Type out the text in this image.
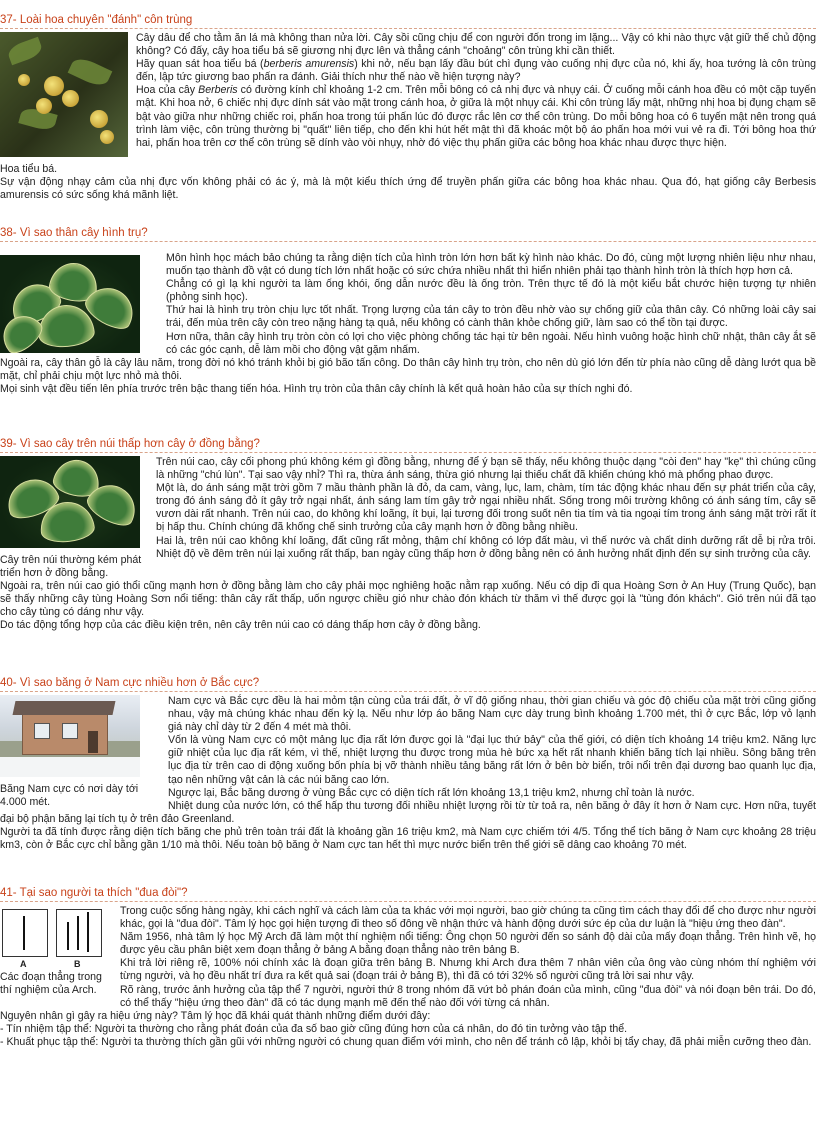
37- Loài hoa chuyên "đánh" côn trùng
Hoa tiểu bá.

Cây dâu để cho tằm ăn lá mà không than nửa lời. Cây sồi cũng chịu để con người đốn trong im lặng... Vậy có khi nào thực vật giữ thế chủ động không? Có đấy, cây hoa tiểu bá sẽ giương nhị đực lên và thẳng cánh "choảng" côn trùng khi cần thiết.

Hãy quan sát hoa tiểu bá (berberis amurensis) khi nở, nếu bạn lấy đầu bút chì đụng vào cuống nhị đực của nó, khi ấy, hoa tướng là côn trùng đến, lập tức giương bao phấn ra đánh. Giải thích như thế nào về hiện tượng này?

Hoa của cây Berberis có đường kính chỉ khoảng 1-2 cm. Trên mỗi bông có cả nhị đực và nhụy cái. Ở cuống mỗi cánh hoa đều có một cặp tuyến mật. Khi hoa nở, 6 chiếc nhị đực dính sát vào mặt trong cánh hoa, ở giữa là một nhụy cái. Khi côn trùng lấy mật, những nhị hoa bị đụng chạm sẽ bật vào giữa như những chiếc roi, phấn hoa trong túi phấn lúc đó được rắc lên cơ thể côn trùng. Do mỗi bông hoa có 6 tuyến mật nên trong quá trình làm việc, côn trùng thường bị "quất" liên tiếp, cho đến khi hút hết mật thì đã khoác một bộ áo phấn hoa mới vui vẻ ra đi. Tới bông hoa thứ hai, phấn hoa trên cơ thể côn trùng sẽ dính vào vòi nhụy, nhờ đó việc thụ phấn giữa các bông hoa khác nhau được thực hiện.

Sự vận động nhạy cảm của nhị đực vốn không phải có ác ý, mà là một kiểu thích ứng để truyền phấn giữa các bông hoa khác nhau. Qua đó, hạt giống cây Berbesis amurensis có sức sống khá mãnh liệt.

38- Vì sao thân cây hình trụ?

Môn hình học mách bảo chúng ta rằng diện tích của hình tròn lớn hơn bất kỳ hình nào khác. Do đó, cùng một lượng nhiên liệu như nhau, muốn tạo thành đồ vật có dung tích lớn nhất hoặc có sức chứa nhiều nhất thì hiển nhiên phải tạo thành hình tròn là thích hợp hơn cả.

Chẳng có gì lạ khi người ta làm ống khói, ống dẫn nước đều là ống tròn. Trên thực tế đó là một kiểu bắt chước hiện tượng tự nhiên (phỏng sinh học).

Thứ hai là hình trụ tròn chịu lực tốt nhất. Trọng lượng của tán cây to tròn đều nhờ vào sự chống giữ của thân cây. Có những loài cây sai trái, đến mùa trên cây còn treo nặng hàng tạ quả, nếu không có cành thân khỏe chống giữ, làm sao có thể tồn tại được.

Hơn nữa, thân cây hình trụ tròn còn có lợi cho việc phòng chống tác hại từ bên ngoài. Nếu hình vuông hoặc hình chữ nhật, thân cây ắt sẽ có các góc cạnh, dễ làm mồi cho động vật gặm nhấm.

Ngoài ra, cây thân gỗ là cây lâu năm, trong đời nó khó tránh khỏi bị gió bão tấn công. Do thân cây hình trụ tròn, cho nên dù gió lớn đến từ phía nào cũng dễ dàng lướt qua bề mặt, chỉ phải chịu một lực nhỏ mà thôi.

Mọi sinh vật đều tiến lên phía trước trên bậc thang tiến hóa. Hình trụ tròn của thân cây chính là kết quả hoàn hảo của sự thích nghi đó.

39- Vì sao cây trên núi thấp hơn cây ở đồng bằng?
Cây trên núi thường kém phát triển hơn ở đồng bằng.

Trên núi cao, cây cối phong phú không kém gì đồng bằng, nhưng để ý bạn sẽ thấy, nếu không thuộc dạng "còi đen" hay "kẹ" thì chúng cũng là những "chú lùn". Tại sao vậy nhỉ? Thì ra, thừa ánh sáng, thừa gió nhưng lại thiếu chất đã khiến chúng khó mà phổng phao được.

Một là, do ánh sáng mặt trời gồm 7 mầu thành phần là đỏ, da cam, vàng, lục, lam, chàm, tím tác động khác nhau đến sự phát triển của cây, trong đó ánh sáng đỏ ít gây trở ngại nhất, ánh sáng lam tím gây trở ngại nhiều nhất. Sống trong môi trường không có ánh sáng tím, cây sẽ vươn dài rất nhanh. Trên núi cao, do không khí loãng, ít bụi, lại tương đối trong suốt nên tia tím và tia ngoại tím trong ánh sáng mặt trời rất ít bị hấp thu. Chính chúng đã khống chế sinh trưởng của cây mạnh hơn ở đồng bằng nhiều.

Hai là, trên núi cao không khí loãng, đất cũng rất mỏng, thậm chí không có lớp đất màu, vì thế nước và chất dinh dưỡng rất dễ bị rửa trôi. Nhiệt độ về đêm trên núi lại xuống rất thấp, ban ngày cũng thấp hơn ở đồng bằng nên có ảnh hưởng nhất định đến sự sinh trưởng của cây.

Ngoài ra, trên núi cao gió thổi cũng mạnh hơn ở đồng bằng làm cho cây phải mọc nghiêng hoặc nằm rạp xuống. Nếu có dịp đi qua Hoàng Sơn ở An Huy (Trung Quốc), bạn sẽ thấy những cây tùng Hoàng Sơn nổi tiếng: thân cây rất thấp, uốn ngược chiều gió như chào đón khách từ thăm vì thế được gọi là "tùng đón khách". Gió trên núi đã tạo cho cây tùng có dáng như vậy.

Do tác động tổng hợp của các điều kiện trên, nên cây trên núi cao có dáng thấp hơn cây ở đồng bằng.

40- Vì sao băng ở Nam cực nhiều hơn ở Bắc cực?
Băng Nam cực có nơi dày tới 4.000 mét.

Nam cực và Bắc cực đều là hai mỏm tận cùng của trái đất, ở vĩ độ giống nhau, thời gian chiếu và góc độ chiếu của mặt trời cũng giống nhau, vậy mà chúng khác nhau đến kỳ lạ. Nếu như lớp áo băng Nam cực dày trung bình khoảng 1.700 mét, thì ở cực Bắc, lớp vỏ lạnh giá này chỉ dày từ 2 đến 4 mét mà thôi.

Vốn là vùng Nam cực có một mảng lục địa rất lớn được gọi là "đại lục thứ bảy" của thế giới, có diện tích khoảng 14 triệu km2. Năng lực giữ nhiệt của lục địa rất kém, vì thế, nhiệt lượng thu được trong mùa hè bức xạ hết rất nhanh khiến băng tích lại nhiều. Sông băng trên lục địa từ trên cao di động xuống bốn phía bị vỡ thành nhiều tảng băng rất lớn ở bên bờ biển, trôi nổi trên đại dương bao quanh lục địa, tạo nên những vật cản là các núi băng cao lớn.

Ngược lại, Bắc băng dương ở vùng Bắc cực có diện tích rất lớn khoảng 13,1 triệu km2, nhưng chỉ toàn là nước.

Nhiệt dung của nước lớn, có thể hấp thu tương đối nhiều nhiệt lượng rồi từ từ toả ra, nên băng ở đây ít hơn ở Nam cực. Hơn nữa, tuyết đại bộ phận băng lại tích tụ ở trên đảo Greenland.

Người ta đã tính được rằng diện tích băng che phủ trên toàn trái đất là khoảng gần 16 triệu km2, mà Nam cực chiếm tới 4/5. Tổng thể tích băng ở Nam cực khoảng 28 triệu km3, còn ở Bắc cực chỉ bằng gần 1/10 mà thôi. Nếu toàn bộ băng ở Nam cực tan hết thì mực nước biển trên thế giới sẽ dâng cao khoảng 70 mét.

41- Tại sao người ta thích "đua đòi"?
A	B
Các đoạn thẳng trong thí nghiệm của Arch.

Trong cuộc sống hàng ngày, khi cách nghĩ và cách làm của ta khác với mọi người, bao giờ chúng ta cũng tìm cách thay đổi để cho được như người khác, gọi là "đua đòi". Tâm lý học gọi hiện tượng đi theo số đông về nhận thức và hành động dưới sức ép của dư luận là "hiệu ứng theo đàn".

Năm 1956, nhà tâm lý học Mỹ Arch đã làm một thí nghiệm nổi tiếng: Ông chọn 50 người đến so sánh độ dài của mấy đoạn thẳng. Trên hình vẽ, họ được yêu cầu phân biệt xem đoạn thẳng ở bảng A bằng đoạn thẳng nào trên bảng B.

Khi trả lời riêng rẽ, 100% nói chính xác là đoạn giữa trên bảng B. Nhưng khi Arch đưa thêm 7 nhân viên của ông vào cùng nhóm thí nghiệm với từng người, và họ đều nhất trí đưa ra kết quả sai (đoạn trái ở bảng B), thì đã có tới 32% số người cũng trả lời sai như vậy.

Rõ ràng, trước ảnh hưởng của tập thể 7 người, người thứ 8 trong nhóm đã vứt bỏ phán đoán của mình, cũng "đua đòi" và nói đoạn bên trái. Do đó, có thể thấy "hiệu ứng theo đàn" đã có tác dụng mạnh mẽ đến thể nào đối với từng cá nhân.

Nguyên nhân gì gây ra hiệu ứng này? Tâm lý học đã khái quát thành những điểm dưới đây:

- Tín nhiệm tập thể: Người ta thường cho rằng phát đoán của đa số bao giờ cũng đúng hơn của cá nhân, do đó tin tưởng vào tập thể.

- Khuất phục tập thể: Người ta thường thích gần gũi với những người có chung quan điểm với mình, cho nên để tránh cô lập, khỏi bị tẩy chay, đã phải miễn cưỡng theo đàn.
